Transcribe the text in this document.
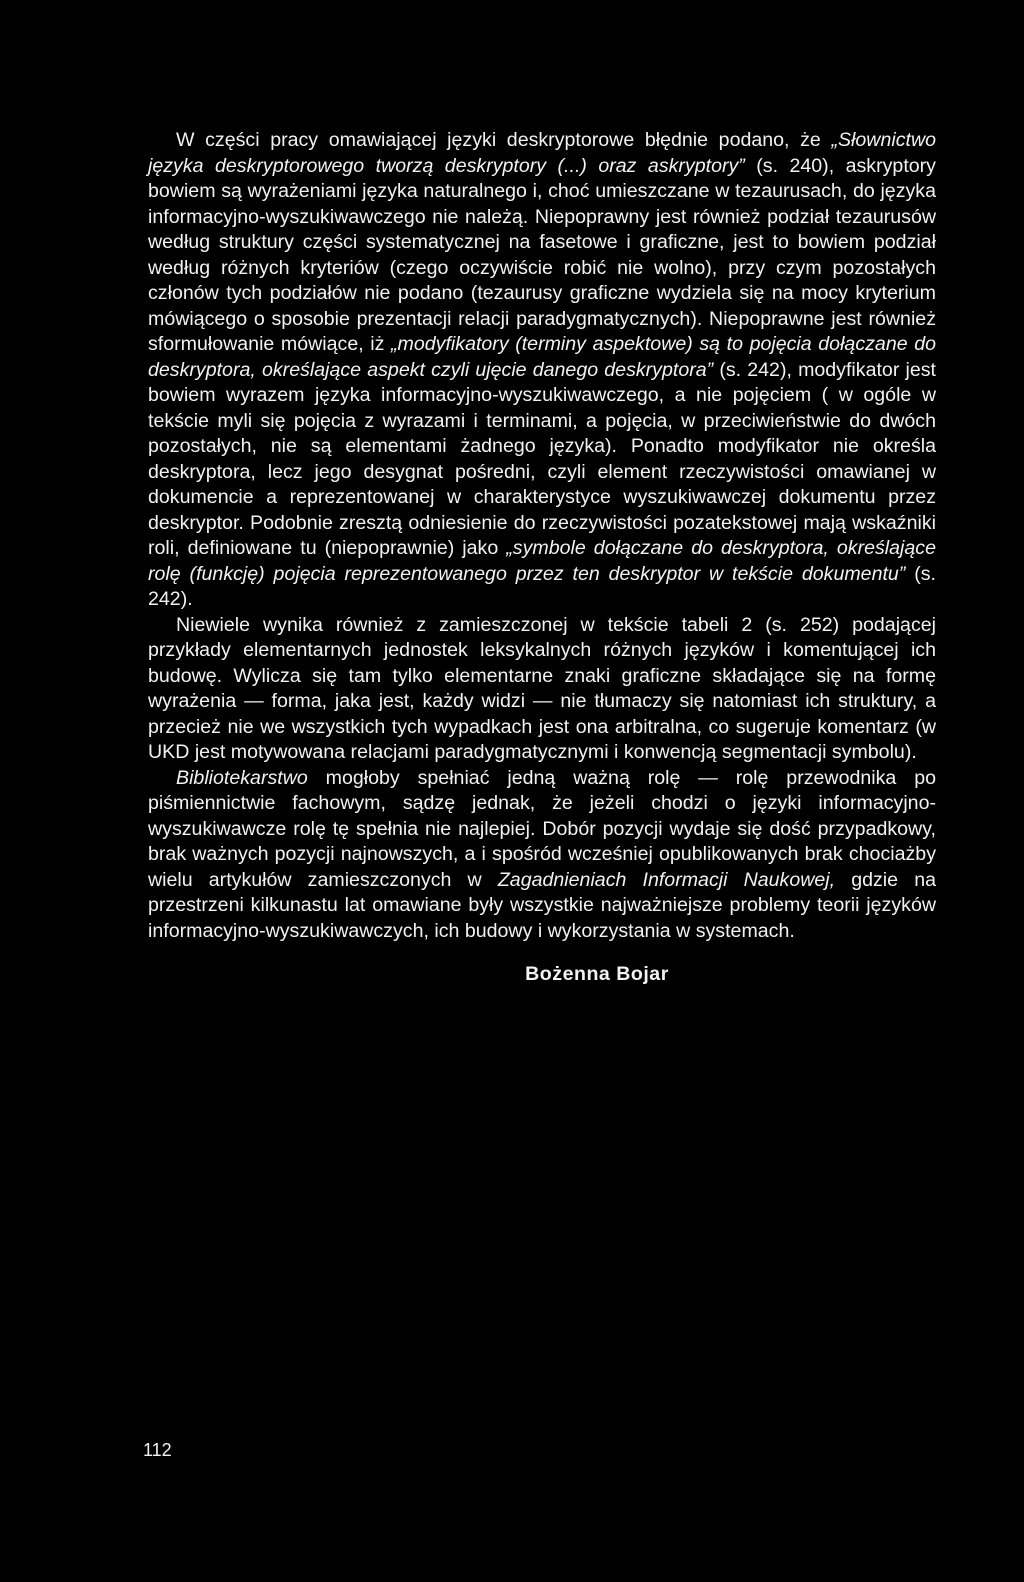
W części pracy omawiającej języki deskryptorowe błędnie podano, że „Słownictwo języka deskryptorowego tworzą deskryptory (...) oraz askryptory” (s. 240), askryptory bowiem są wyrażeniami języka naturalnego i, choć umieszczane w tezaurusach, do języka informacyjno-wyszukiwawczego nie należą. Niepoprawny jest również podział tezaurusów według struktury części systematycznej na fasetowe i graficzne, jest to bowiem podział według różnych kryteriów (czego oczywiście robić nie wolno), przy czym pozostałych członów tych podziałów nie podano (tezaurusy graficzne wydziela się na mocy kryterium mówiącego o sposobie prezentacji relacji paradygmatycznych). Niepoprawne jest również sformułowanie mówiące, iż „modyfikatory (terminy aspektowe) są to pojęcia dołączane do deskryptora, określające aspekt czyli ujęcie danego deskryptora” (s. 242), modyfikator jest bowiem wyrazem języka informacyjno-wyszukiwawczego, a nie pojęciem ( w ogóle w tekście myli się pojęcia z wyrazami i terminami, a pojęcia, w przeciwieństwie do dwóch pozostałych, nie są elementami żadnego języka). Ponadto modyfikator nie określa deskryptora, lecz jego desygnat pośredni, czyli element rzeczywistości omawianej w dokumencie a reprezentowanej w charakterystyce wyszukiwawczej dokumentu przez deskryptor. Podobnie zresztą odniesienie do rzeczywistości pozatekstowej mają wskaźniki roli, definiowane tu (niepoprawnie) jako „symbole dołączane do deskryptora, określające rolę (funkcję) pojęcia reprezentowanego przez ten deskryptor w tekście dokumentu” (s. 242).

Niewiele wynika również z zamieszczonej w tekście tabeli 2 (s. 252) podającej przykłady elementarnych jednostek leksykalnych różnych języków i komentującej ich budowę. Wylicza się tam tylko elementarne znaki graficzne składające się na formę wyrażenia — forma, jaka jest, każdy widzi — nie tłumaczy się natomiast ich struktury, a przecież nie we wszystkich tych wypadkach jest ona arbitralna, co sugeruje komentarz (w UKD jest motywowana relacjami paradygmatycznymi i konwencją segmentacji symbolu).

Bibliotekarstwo mogłoby spełniać jedną ważną rolę — rolę przewodnika po piśmiennictwie fachowym, sądzę jednak, że jeżeli chodzi o języki informacyjno-wyszukiwawcze rolę tę spełnia nie najlepiej. Dobór pozycji wydaje się dość przypadkowy, brak ważnych pozycji najnowszych, a i spośród wcześniej opublikowanych brak chociażby wielu artykułów zamieszczonych w Zagadnieniach Informacji Naukowej, gdzie na przestrzeni kilkunastu lat omawiane były wszystkie najważniejsze problemy teorii języków informacyjno-wyszukiwawczych, ich budowy i wykorzystania w systemach.

Bożenna Bojar
112
